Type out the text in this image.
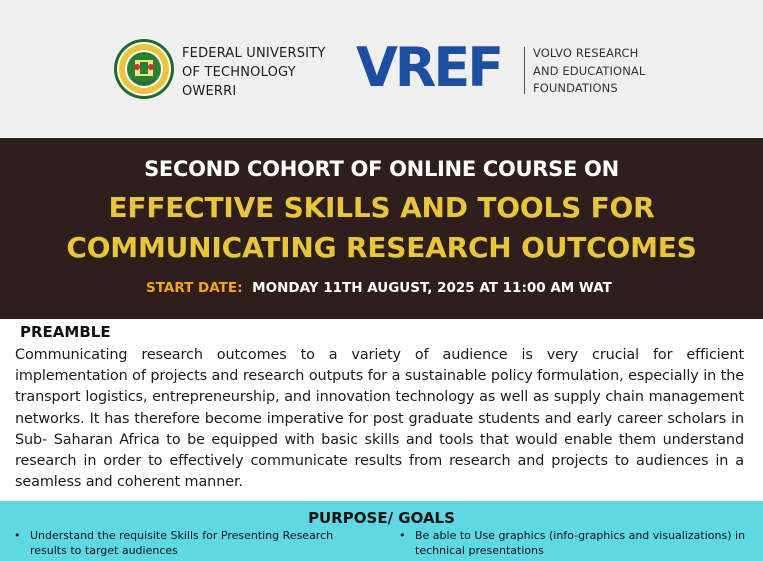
FEDERAL UNIVERSITY
OF TECHNOLOGY
OWERRI	VREF	VOLVO RESEARCH
AND EDUCATIONAL
FOUNDATIONS
SECOND COHORT OF ONLINE COURSE ON
EFFECTIVE SKILLS AND TOOLS FOR
COMMUNICATING RESEARCH OUTCOMES
START DATE: MONDAY 11TH AUGUST, 2025 AT 11:00 AM WAT
PREAMBLE
Communicating research outcomes to a variety of audience is very crucial for efficient implementation of projects and research outputs for a sustainable policy formulation, especially in the transport logistics, entrepreneurship, and innovation technology as well as supply chain management networks. It has therefore become imperative for post graduate students and early career scholars in Sub- Saharan Africa to be equipped with basic skills and tools that would enable them understand research in order to effectively communicate results from research and projects to audiences in a seamless and coherent manner.
PURPOSE/ GOALS
• Understand the requisite Skills for Presenting Research results to target audiences
• Be able to Use graphics (info-graphics and visualizations) in technical presentations
